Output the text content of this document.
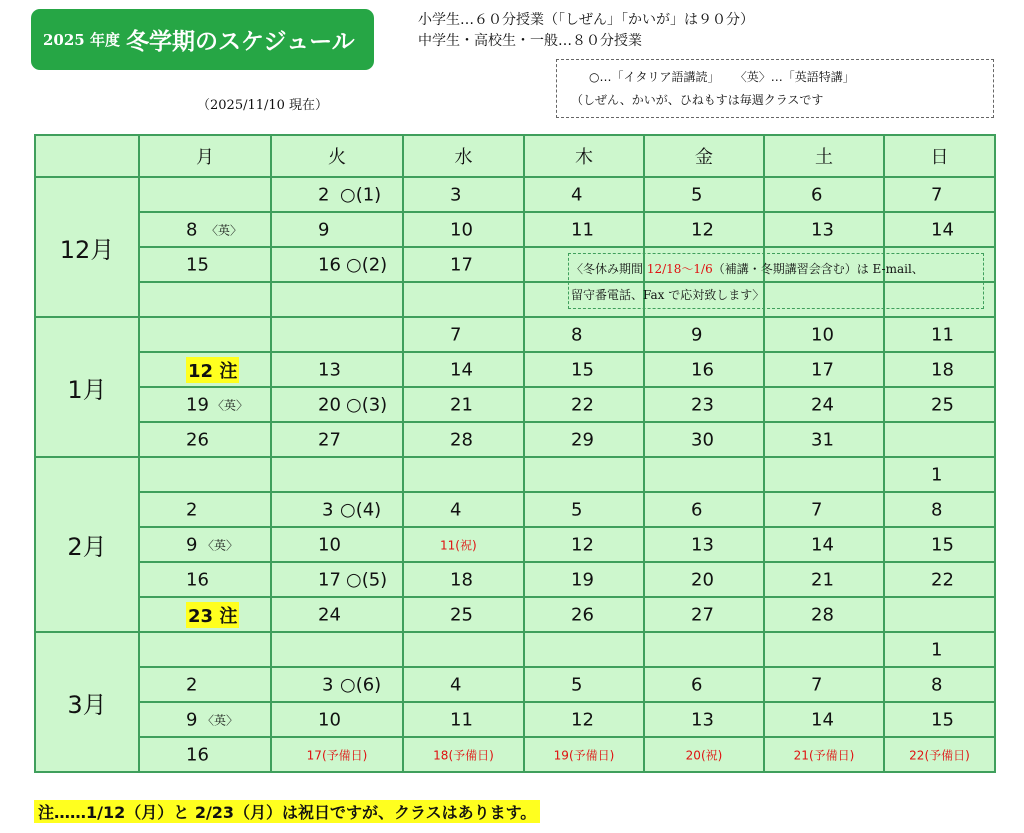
2025 年度 冬学期のスケジュール
小学生…６０分授業（「しぜん」「かいが」は９０分）
中学生・高校生・一般…８０分授業
○…「イタリア語講読」    〈英〉…「英語特講」
（しぜん、かいが、ひねもすは毎週クラスです
（2025/11/10 現在）
	月	火	水	木	金	土	日
12月		2 ○(1)	3	4	5	6	7

	8 〈英〉	9	10	11	12	13	14

	15	16 ○(2)	17				

1月			7	8	9	10	11

	12 注	13	14	15	16	17	18

	19 〈英〉	20 ○(3)	21	22	23	24	25

	26	27	28	29	30	31	

2月							1

	2	3 ○(4)	4	5	6	7	8

	9 〈英〉	10	11(祝)	12	13	14	15

	16	17 ○(5)	18	19	20	21	22

	23 注	24	25	26	27	28	

3月							1

	2	3 ○(6)	4	5	6	7	8

	9 〈英〉	10	11	12	13	14	15

	16	17(予備日)	18(予備日)	19(予備日)	20(祝)	21(予備日)	22(予備日)
〈冬休み期間 12/18〜1/6（補講・冬期講習会含む）は E-mail、
留守番電話、Fax で応対致します〉
注……1/12（月）と 2/23（月）は祝日ですが、クラスはあります。
